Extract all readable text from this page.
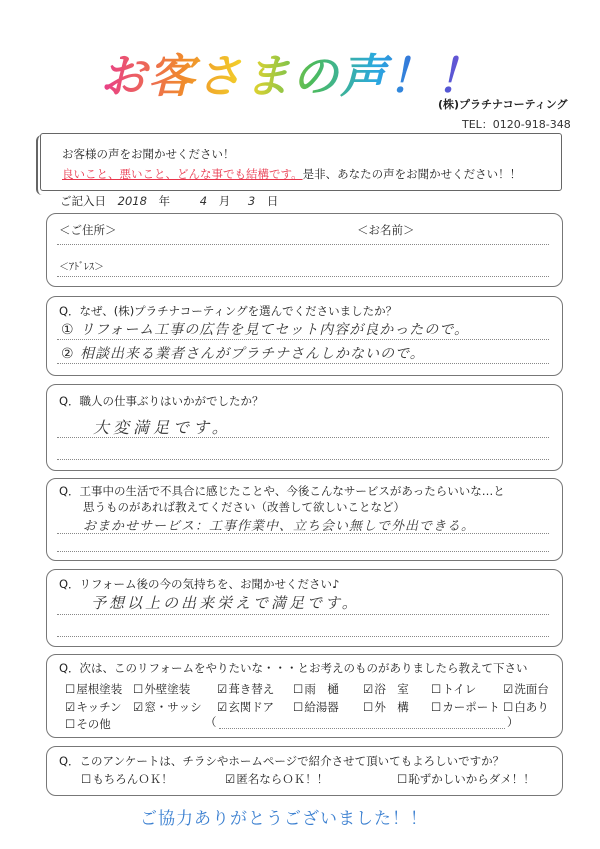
お客さまの声！！
(株)プラチナコーティング
TEL：0120-918-348
お客様の声をお聞かせください！
良いこと、悪いこと、どんな事でも結構です。是非、あなたの声をお聞かせください！！
ご記入日 2018 年	4 月 3 日
＜ご住所＞	＜お名前＞
＜ｱﾄﾞﾚｽ＞
Q．なぜ、(株)プラチナコーティングを選んでくださいましたか？
① リフォーム工事の広告を見てセット内容が良かったので。
② 相談出来る業者さんがプラチナさんしかないので。
Q．職人の仕事ぶりはいかがでしたか？
大変満足です。
Q．工事中の生活で不具合に感じたことや、今後こんなサービスがあったらいいな…と
思うものがあれば教えてください（改善して欲しいことなど）
おまかせサービス：工事作業中、立ち会い無しで外出できる。
Q．リフォーム後の今の気持ちを、お聞かせください♪
予想以上の出来栄えで満足です。
Q．次は、このリフォームをやりたいな・・・とお考えのものがありましたら教えて下さい
☐屋根塗装 ☐外壁塗装 ☑葺き替え ☐雨　樋 ☑浴　室 ☐トイレ ☑洗面台
☑キッチン ☑窓・サッシ ☑玄関ドア ☐給湯器 ☐外　構 ☐カーポート ☐白あり
☐その他	（	）
Q．このアンケートは、チラシやホームページで紹介させて頂いてもよろしいですか？
☐もちろんＯＫ！	☑匿名ならＯＫ！！	☐恥ずかしいからダメ！！
ご協力ありがとうございました！！
